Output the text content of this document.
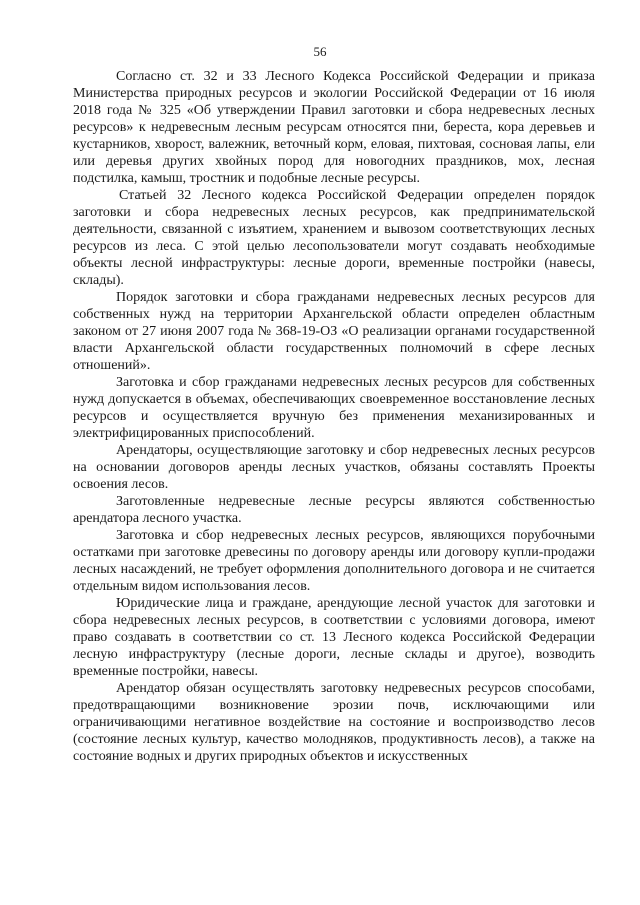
56

Согласно ст. 32 и 33 Лесного Кодекса Российской Федерации и приказа Министерства природных ресурсов и экологии Российской Федерации от 16 июля 2018 года № 325 «Об утверждении Правил заготовки и сбора недревесных лесных ресурсов» к недревесным лесным ресурсам относятся пни, береста, кора деревьев и кустарников, хворост, валежник, веточный корм, еловая, пихтовая, сосновая лапы, ели или деревья других хвойных пород для новогодних праздников, мох, лесная подстилка, камыш, тростник и подобные лесные ресурсы.

Статьей 32 Лесного кодекса Российской Федерации определен порядок заготовки и сбора недревесных лесных ресурсов, как предпринимательской деятельности, связанной с изъятием, хранением и вывозом соответствующих лесных ресурсов из леса. С этой целью лесопользователи могут создавать необходимые объекты лесной инфраструктуры: лесные дороги, временные постройки (навесы, склады).

Порядок заготовки и сбора гражданами недревесных лесных ресурсов для собственных нужд на территории Архангельской области определен областным законом от 27 июня 2007 года № 368-19-ОЗ «О реализации органами государственной власти Архангельской области государственных полномочий в сфере лесных отношений».

Заготовка и сбор гражданами недревесных лесных ресурсов для собственных нужд допускается в объемах, обеспечивающих своевременное восстановление лесных ресурсов и осуществляется вручную без применения механизированных и электрифицированных приспособлений.

Арендаторы, осуществляющие заготовку и сбор недревесных лесных ресурсов на основании договоров аренды лесных участков, обязаны составлять Проекты освоения лесов.

Заготовленные недревесные лесные ресурсы являются собственностью арендатора лесного участка.

Заготовка и сбор недревесных лесных ресурсов, являющихся порубочными остатками при заготовке древесины по договору аренды или договору купли-продажи лесных насаждений, не требует оформления дополнительного договора и не считается отдельным видом использования лесов.

Юридические лица и граждане, арендующие лесной участок для заготовки и сбора недревесных лесных ресурсов, в соответствии с условиями договора, имеют право создавать в соответствии со ст. 13 Лесного кодекса Российской Федерации лесную инфраструктуру (лесные дороги, лесные склады и другое), возводить временные постройки, навесы.

Арендатор обязан осуществлять заготовку недревесных ресурсов способами, предотвращающими возникновение эрозии почв, исключающими или ограничивающими негативное воздействие на состояние и воспроизводство лесов (состояние лесных культур, качество молодняков, продуктивность лесов), а также на состояние водных и других природных объектов и искусственных
